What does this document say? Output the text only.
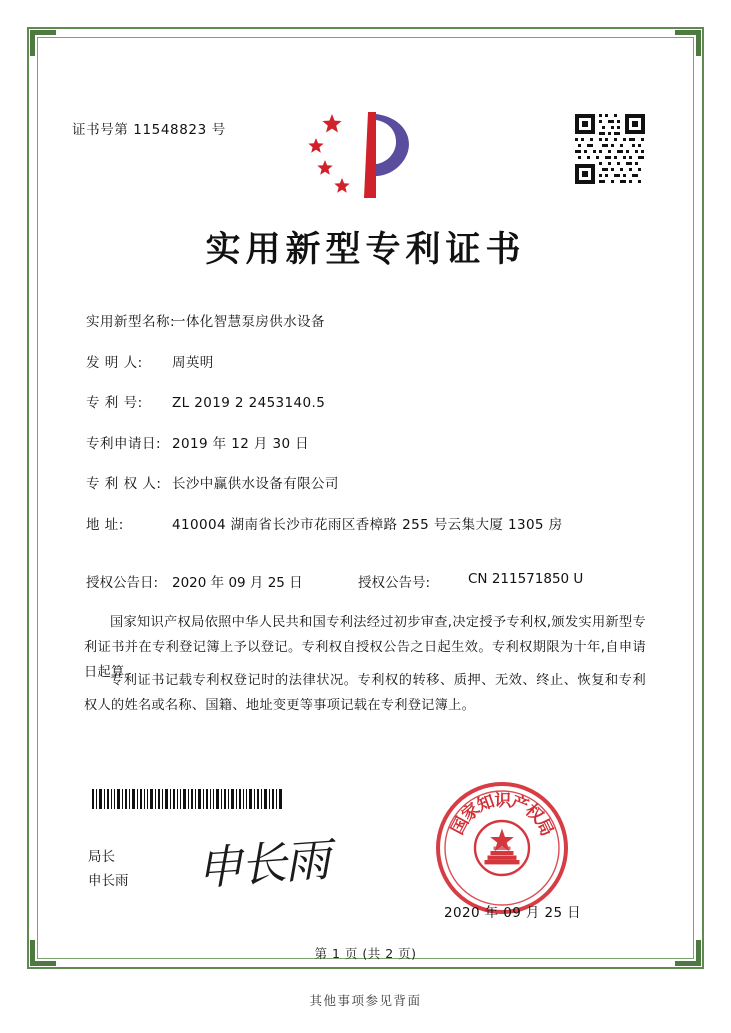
证书号第 11548823 号
实用新型专利证书
实用新型名称:
一体化智慧泵房供水设备
发 明 人:	周英明
专 利 号:	ZL 2019 2 2453140.5
专利申请日: 2019 年 12 月 30 日
专 利 权 人: 长沙中赢供水设备有限公司
地 址:	410004 湖南省长沙市花雨区香樟路 255 号云集大厦 1305 房
授权公告日:	2020 年 09 月 25 日	授权公告号:	CN 211571850 U
国家知识产权局依照中华人民共和国专利法经过初步审查,决定授予专利权,颁发实用新型专利证书并在专利登记簿上予以登记。专利权自授权公告之日起生效。专利权期限为十年,自申请日起算。
专利证书记载专利权登记时的法律状况。专利权的转移、质押、无效、终止、恢复和专利权人的姓名或名称、国籍、地址变更等事项记载在专利登记簿上。
局长
申长雨 申长雨
国
家
知
识
产
权
局
2020 年 09 月 25 日
第 1 页 (共 2 页)
其他事项参见背面
